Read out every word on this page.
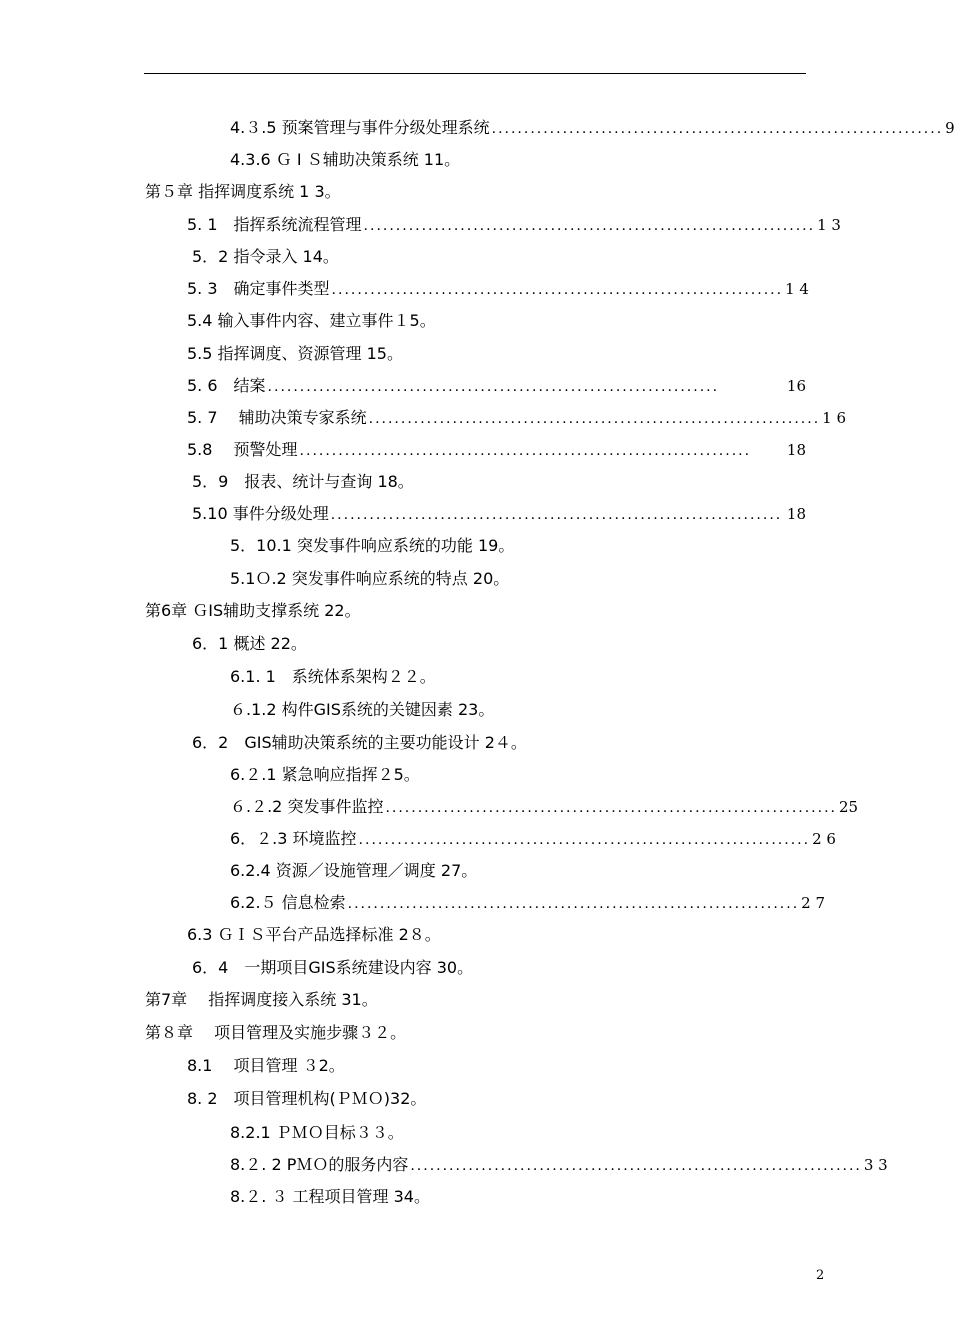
4.３.5 预案管理与事件分级处理系统 ...................................................................... 9
4.3.6 Ｇ I Ｓ辅助决策系统 11。
第５章 指挥调度系统 1 3。
5. 1　指挥系统流程管理 ...................................................................... 1 3
5．2 指令录入 14。
5. 3　确定事件类型 ...................................................................... 1 4
5.4 输入事件内容、建立事件１5。
5.5 指挥调度、资源管理 15。
5. 6　结案 ......................................................................	16
5. 7　 辅助决策专家系统 ...................................................................... 1 6
5.8　 预警处理 ......................................................................	18
5．9　报表、统计与查询 18。
5.10 事件分级处理 ...................................................................... 18
5．10.1 突发事件响应系统的功能 19。
5.1Ｏ.2 突发事件响应系统的特点 20。
第6章 ＧIS辅助支撑系统 22。
6．1 概述 22。
6.1. 1　系统体系架构２２。
６.1.2 构件GIS系统的关键因素 23。
6．2　GIS辅助决策系统的主要功能设计 2４。
6.２.1 紧急响应指挥２5。
６.２.2 突发事件监控 ...................................................................... 25
6．２.3 环境监控 ...................................................................... 2 6
6.2.4 资源／设施管理／调度 27。
6.2.５ 信息检索 ...................................................................... 2 7
6.3 ＧＩＳ平台产品选择标准 2８。
6．4　一期项目GIS系统建设内容 30。
第7章　 指挥调度接入系统 31。
第８章　 项目管理及实施步骤３２。
8.1　 项目管理 ３2。
8. 2　项目管理机构(ＰＭＯ)32。
8.2.1 ＰＭＯ目标３３。
8.２. 2 PＭＯ的服务内容 ...................................................................... 3 3
8.２. ３ 工程项目管理 34。
2
